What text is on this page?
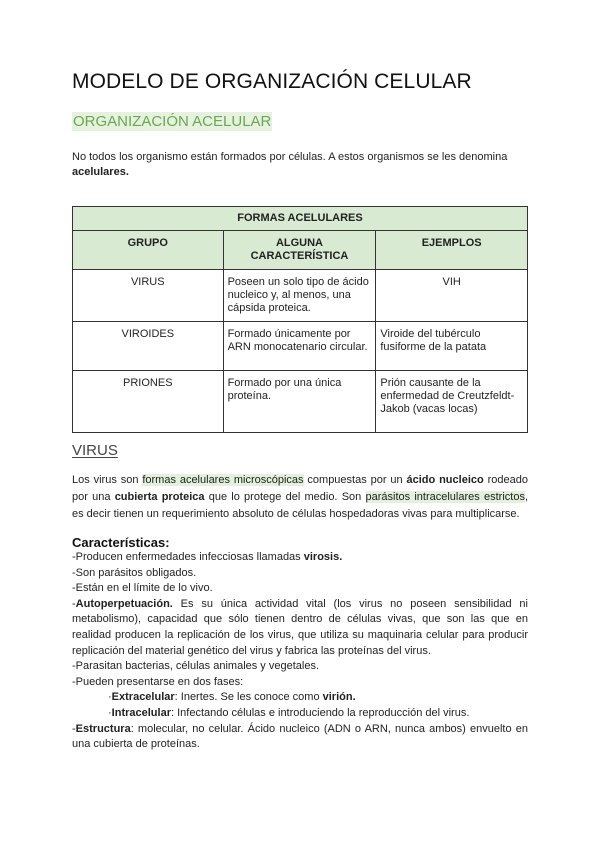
MODELO DE ORGANIZACIÓN CELULAR
ORGANIZACIÓN ACELULAR

No todos los organismo están formados por células. A estos organismos se les denomina acelulares.

FORMAS ACELULARES		
GRUPO	ALGUNA CARACTERÍSTICA	EJEMPLOS
VIRUS	Poseen un solo tipo de ácido nucleico y, al menos, una cápsida proteica.	VIH
VIROIDES	Formado únicamente por ARN monocatenario circular.	Viroide del tubérculo fusiforme de la patata
PRIONES	Formado por una única proteína.	Prión causante de la enfermedad de Creutzfeldt-Jakob (vacas locas)
VIRUS

Los virus son formas acelulares microscópicas compuestas por un ácido nucleico rodeado por una cubierta proteica que lo protege del medio. Son parásitos intracelulares estrictos, es decir tienen un requerimiento absoluto de células hospedadoras vivas para multiplicarse.

Características:

-Producen enfermedades infecciosas llamadas virosis.

-Son parásitos obligados.

-Están en el límite de lo vivo.

-Autoperpetuación. Es su única actividad vital (los virus no poseen sensibilidad ni metabolismo), capacidad que sólo tienen dentro de células vivas, que son las que en realidad producen la replicación de los virus, que utiliza su maquinaria celular para producir replicación del material genético del virus y fabrica las proteínas del virus.

-Parasitan bacterias, células animales y vegetales.

-Pueden presentarse en dos fases:

·Extracelular: Inertes. Se les conoce como virión.

·Intracelular: Infectando células e introduciendo la reproducción del virus.

-Estructura: molecular, no celular. Ácido nucleico (ADN o ARN, nunca ambos) envuelto en una cubierta de proteínas.
